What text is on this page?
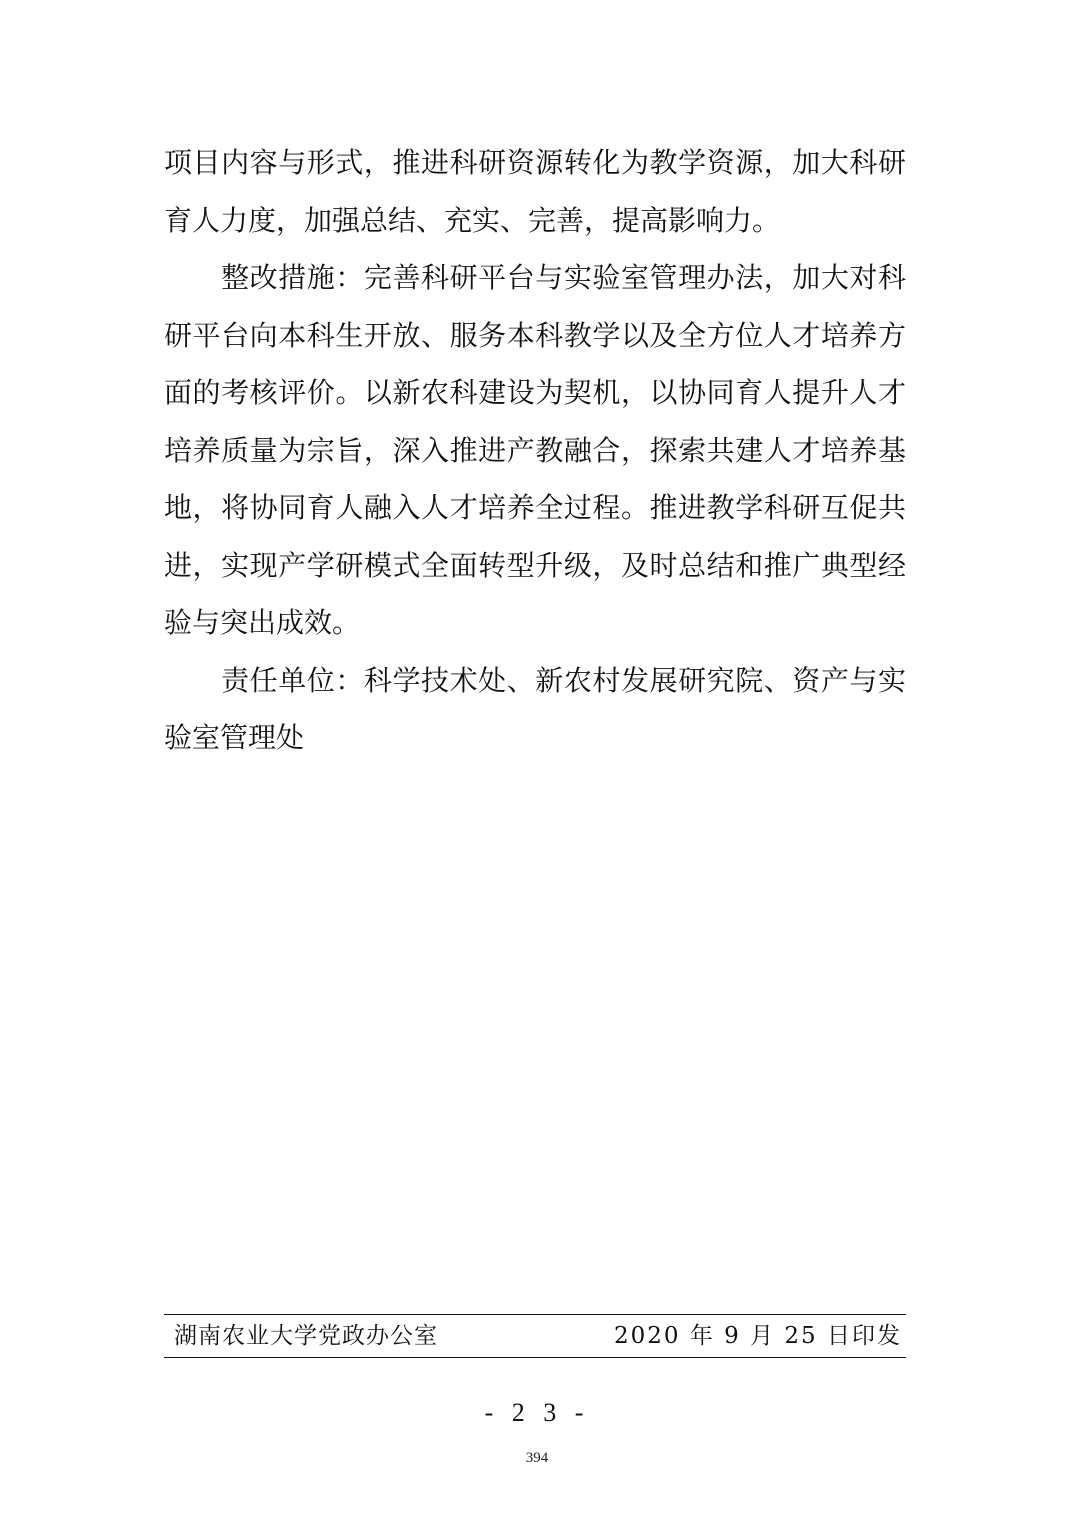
项目内容与形式，推进科研资源转化为教学资源，加大科研
育人力度，加强总结、充实、完善，提高影响力。
　　整改措施：完善科研平台与实验室管理办法，加大对科
研平台向本科生开放、服务本科教学以及全方位人才培养方
面的考核评价。以新农科建设为契机，以协同育人提升人才
培养质量为宗旨，深入推进产教融合，探索共建人才培养基
地，将协同育人融入人才培养全过程。推进教学科研互促共
进，实现产学研模式全面转型升级，及时总结和推广典型经
验与突出成效。
　　责任单位：科学技术处、新农村发展研究院、资产与实
验室管理处
湖南农业大学党政办公室	2020 年 9 月 25 日印发
- 2 3 -
394
